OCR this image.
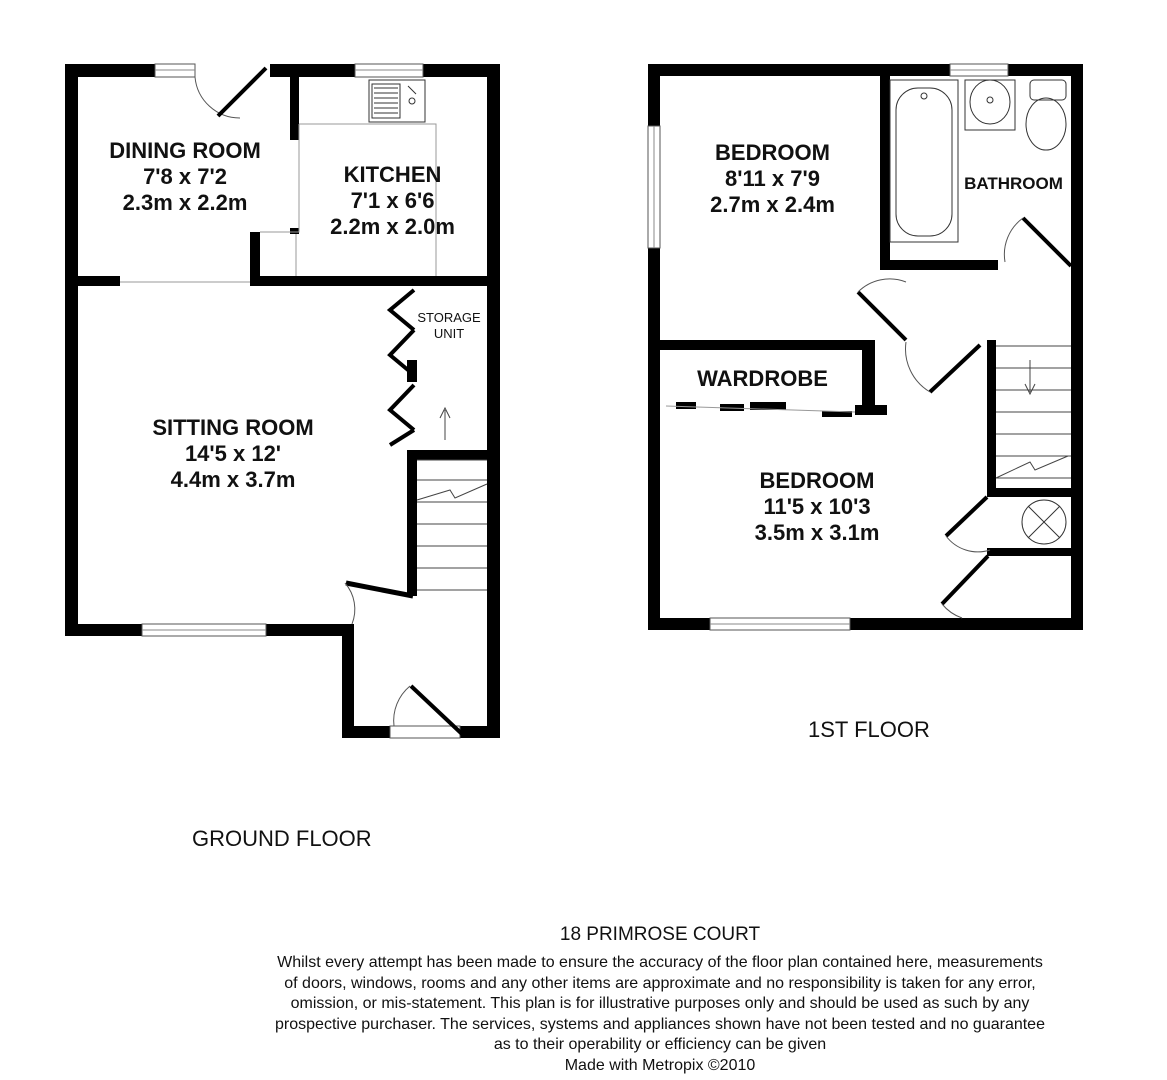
DINING ROOM
7'8 x 7'2
2.3m x 2.2m
KITCHEN
7'1 x 6'6
2.2m x 2.0m
STORAGE
UNIT
SITTING ROOM
14'5 x 12'
4.4m x 3.7m
GROUND FLOOR
BEDROOM
8'11 x 7'9
2.7m x 2.4m
BATHROOM
WARDROBE
BEDROOM
11'5 x 10'3
3.5m x 3.1m
1ST FLOOR
18 PRIMROSE COURT
Whilst every attempt has been made to ensure the accuracy of the floor plan contained here, measurements
of doors, windows, rooms and any other items are approximate and no responsibility is taken for any error,
omission, or mis-statement. This plan is for illustrative purposes only and should be used as such by any
prospective purchaser. The services, systems and appliances shown have not been tested and no guarantee
as to their operability or efficiency can be given
Made with Metropix ©2010
